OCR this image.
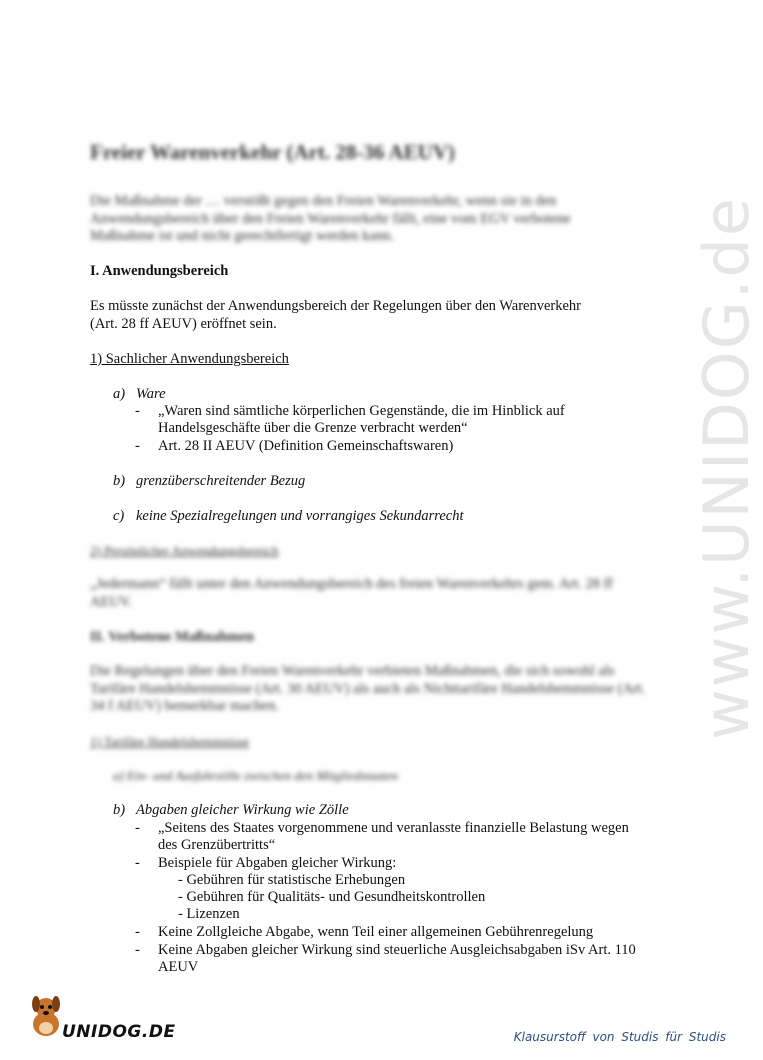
www.UNIDOG.de
Freier Warenverkehr (Art. 28-36 AEUV)
Die Maßnahme der … verstößt gegen den Freien Warenverkehr, wenn sie in den Anwendungsbereich über den Freien Warenverkehr fällt, eine vom EGV verbotene Maßnahme ist und nicht gerechtfertigt werden kann.
I. Anwendungsbereich
Es müsste zunächst der Anwendungsbereich der Regelungen über den Warenverkehr
(Art. 28 ff AEUV) eröffnet sein.
1) Sachlicher Anwendungsbereich
a) Ware
- „Waren sind sämtliche körperlichen Gegenstände, die im Hinblick auf
Handelsgeschäfte über die Grenze verbracht werden“
- Art. 28 II AEUV (Definition Gemeinschaftswaren)
b) grenzüberschreitender Bezug
c) keine Spezialregelungen und vorrangiges Sekundarrecht
2) Persönlicher Anwendungsbereich
„Jedermann“ fällt unter den Anwendungsbereich des freien Warenverkehrs gem. Art. 28 ff AEUV.
II. Verbotene Maßnahmen
Die Regelungen über den Freien Warenverkehr verbieten Maßnahmen, die sich sowohl als Tarifäre Handelshemmnisse (Art. 30 AEUV) als auch als Nichttarifäre Handelshemmnisse (Art. 34 f AEUV) bemerkbar machen.
1) Tarifäre Handelshemmnisse
a) Ein- und Ausfuhrzölle zwischen den Mitgliedstaaten
b) Abgaben gleicher Wirkung wie Zölle
- „Seitens des Staates vorgenommene und veranlasste finanzielle Belastung wegen
des Grenzübertritts“
- Beispiele für Abgaben gleicher Wirkung:
- Gebühren für statistische Erhebungen
- Gebühren für Qualitäts- und Gesundheitskontrollen
- Lizenzen
- Keine Zollgleiche Abgabe, wenn Teil einer allgemeinen Gebührenregelung
- Keine Abgaben gleicher Wirkung sind steuerliche Ausgleichsabgaben iSv Art. 110
AEUV
UNIDOG.DE	Klausurstoff von Studis für Studis
